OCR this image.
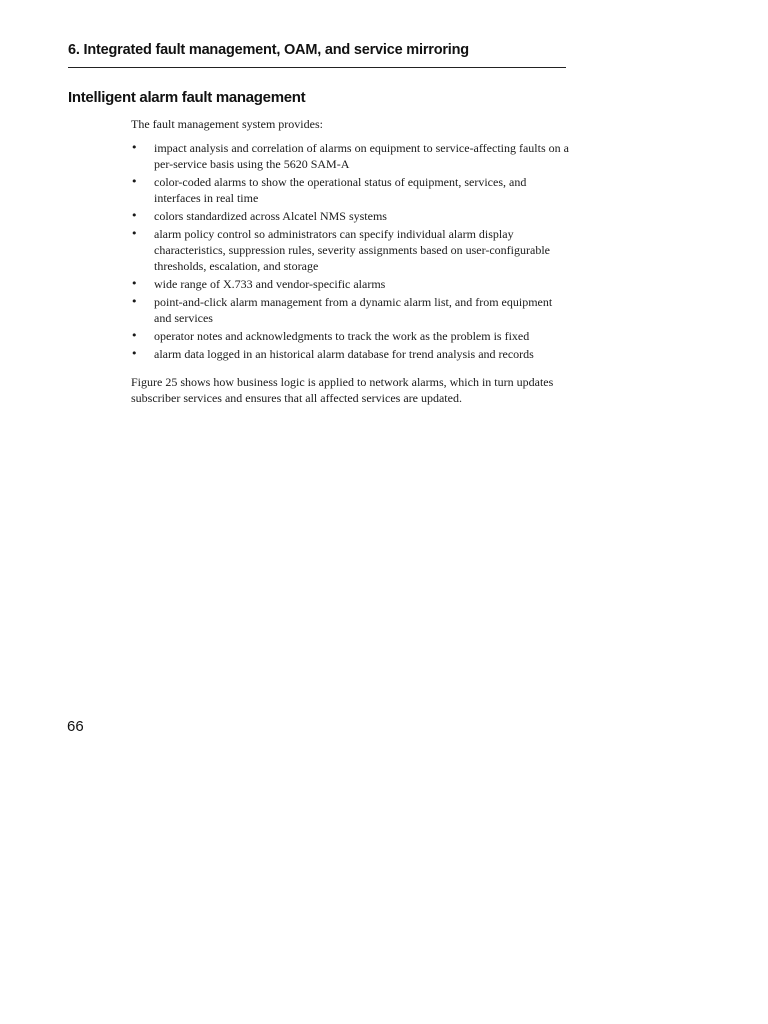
6. Integrated fault management, OAM, and service mirroring
Intelligent alarm fault management

The fault management system provides:

• impact analysis and correlation of alarms on equipment to service-affecting faults on a per-service basis using the 5620 SAM-A
• color-coded alarms to show the operational status of equipment, services, and interfaces in real time
• colors standardized across Alcatel NMS systems
• alarm policy control so administrators can specify individual alarm display characteristics, suppression rules, severity assignments based on user-configurable thresholds, escalation, and storage
• wide range of X.733 and vendor-specific alarms
• point-and-click alarm management from a dynamic alarm list, and from equipment and services
• operator notes and acknowledgments to track the work as the problem is fixed
• alarm data logged in an historical alarm database for trend analysis and records

Figure 25 shows how business logic is applied to network alarms, which in turn updates subscriber services and ensures that all affected services are updated.

66
